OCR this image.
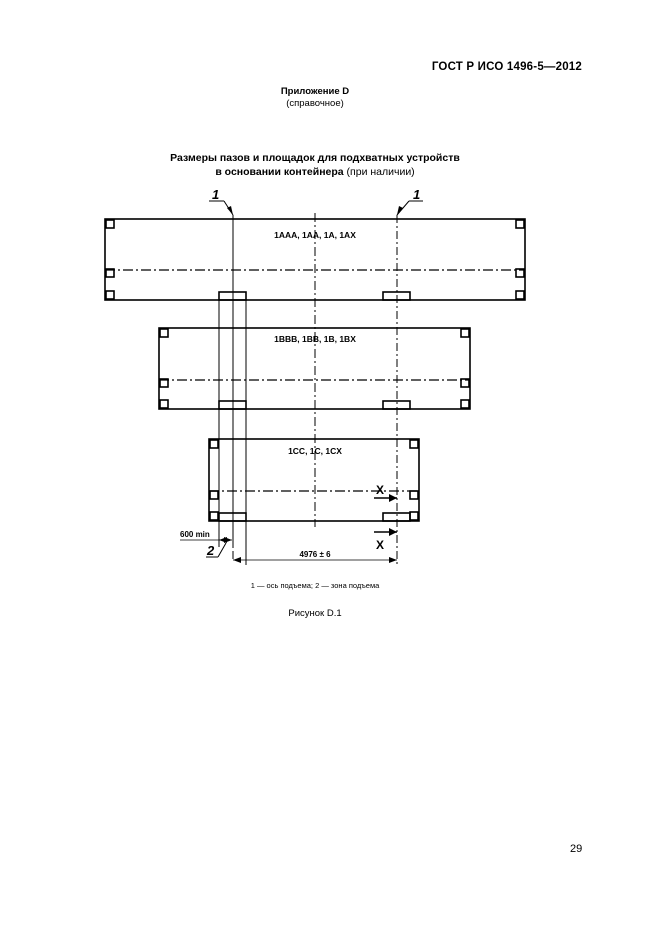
ГОСТ Р ИСО 1496-5—2012
Приложение D
(справочное)
Размеры пазов и площадок для подхватных устройств
в основании контейнера (при наличии)
1	1
1AAA, 1AA, 1A, 1AX
1BBB, 1BB, 1B, 1BX
1CC, 1C, 1CX
X
X
600 min
2	4976 ± 6
1 — ось подъема; 2 — зона подъема
Рисунок D.1
29
